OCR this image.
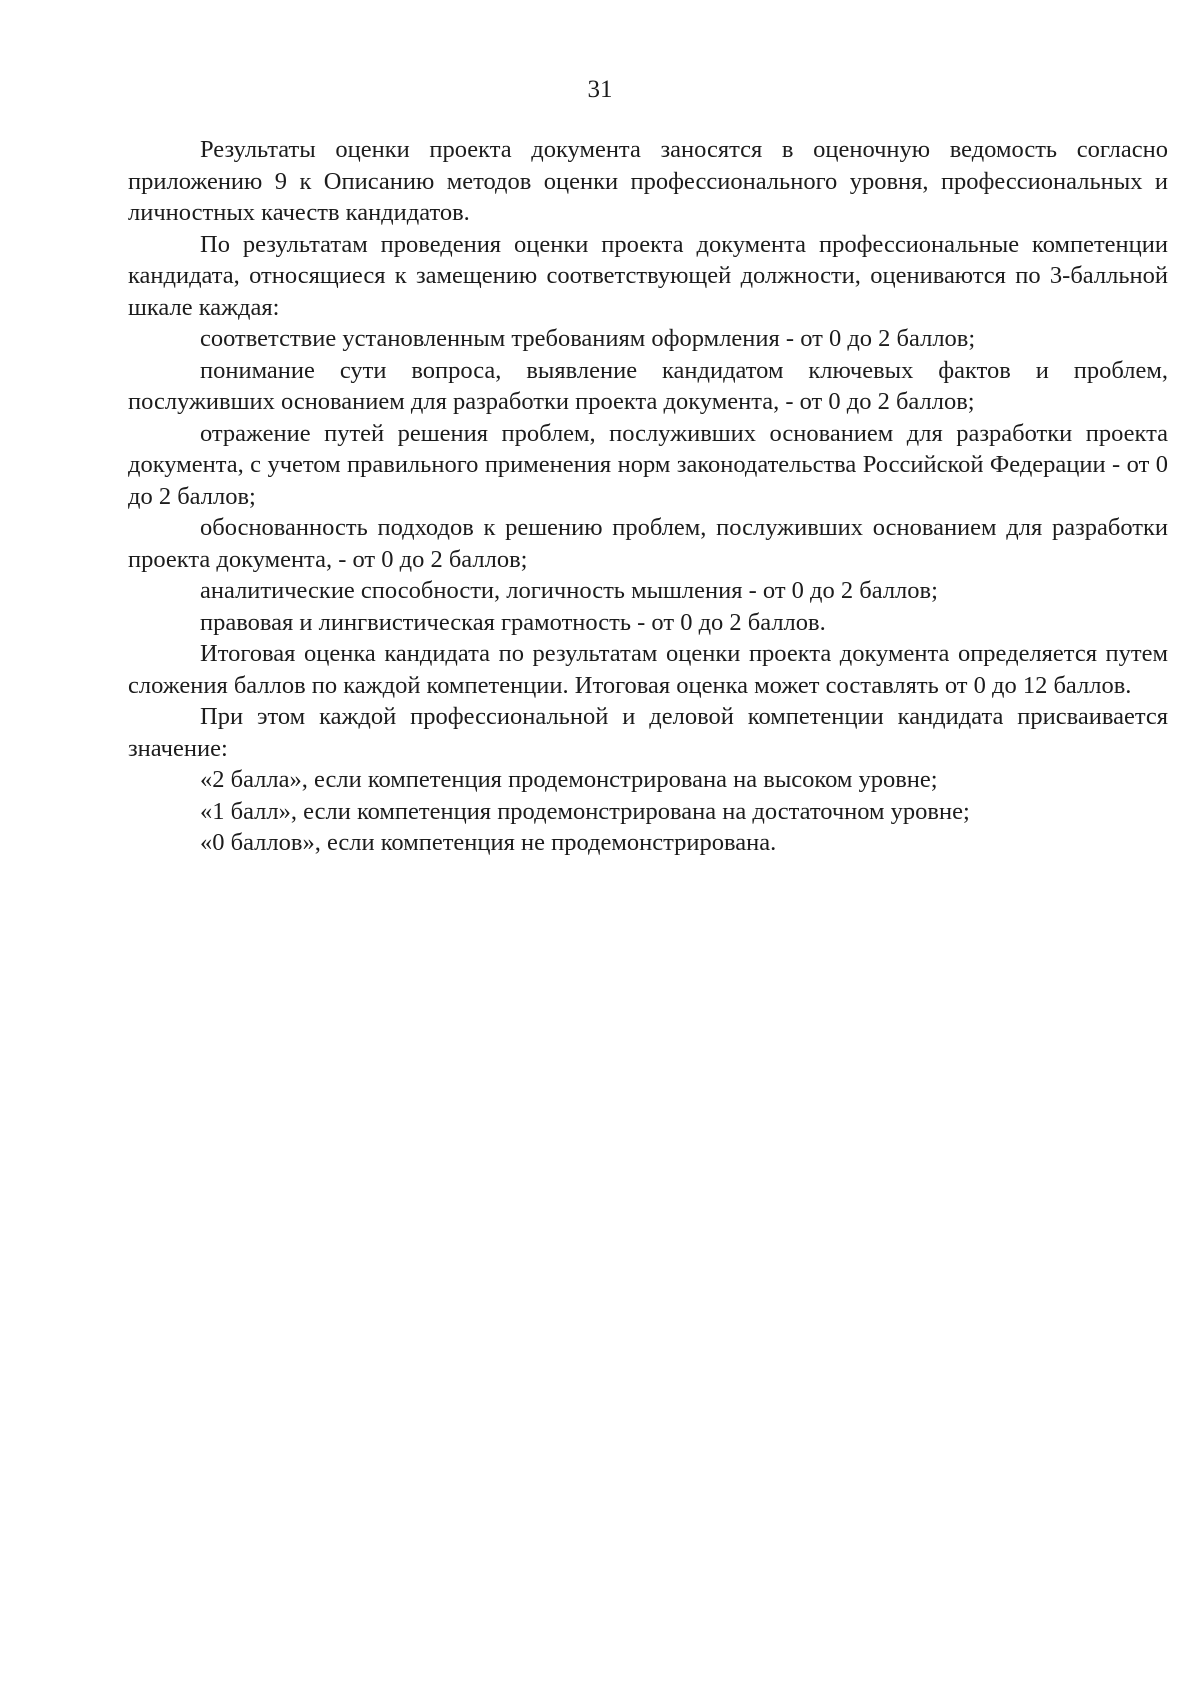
31

Результаты оценки проекта документа заносятся в оценочную ведомость согласно приложению 9 к Описанию методов оценки профессионального уровня, профессиональных и личностных качеств кандидатов.

По результатам проведения оценки проекта документа профессиональные компетенции кандидата, относящиеся к замещению соответствующей должности, оцениваются по 3-балльной шкале каждая:

соответствие установленным требованиям оформления - от 0 до 2 баллов;

понимание сути вопроса, выявление кандидатом ключевых фактов и проблем, послуживших основанием для разработки проекта документа, - от 0 до 2 баллов;

отражение путей решения проблем, послуживших основанием для разработки проекта документа, с учетом правильного применения норм законодательства Российской Федерации - от 0 до 2 баллов;

обоснованность подходов к решению проблем, послуживших основанием для разработки проекта документа, - от 0 до 2 баллов;

аналитические способности, логичность мышления - от 0 до 2 баллов;

правовая и лингвистическая грамотность - от 0 до 2 баллов.

Итоговая оценка кандидата по результатам оценки проекта документа определяется путем сложения баллов по каждой компетенции. Итоговая оценка может составлять от 0 до 12 баллов.

При этом каждой профессиональной и деловой компетенции кандидата присваивается значение:

«2 балла», если компетенция продемонстрирована на высоком уровне;

«1 балл», если компетенция продемонстрирована на достаточном уровне;

«0 баллов», если компетенция не продемонстрирована.
